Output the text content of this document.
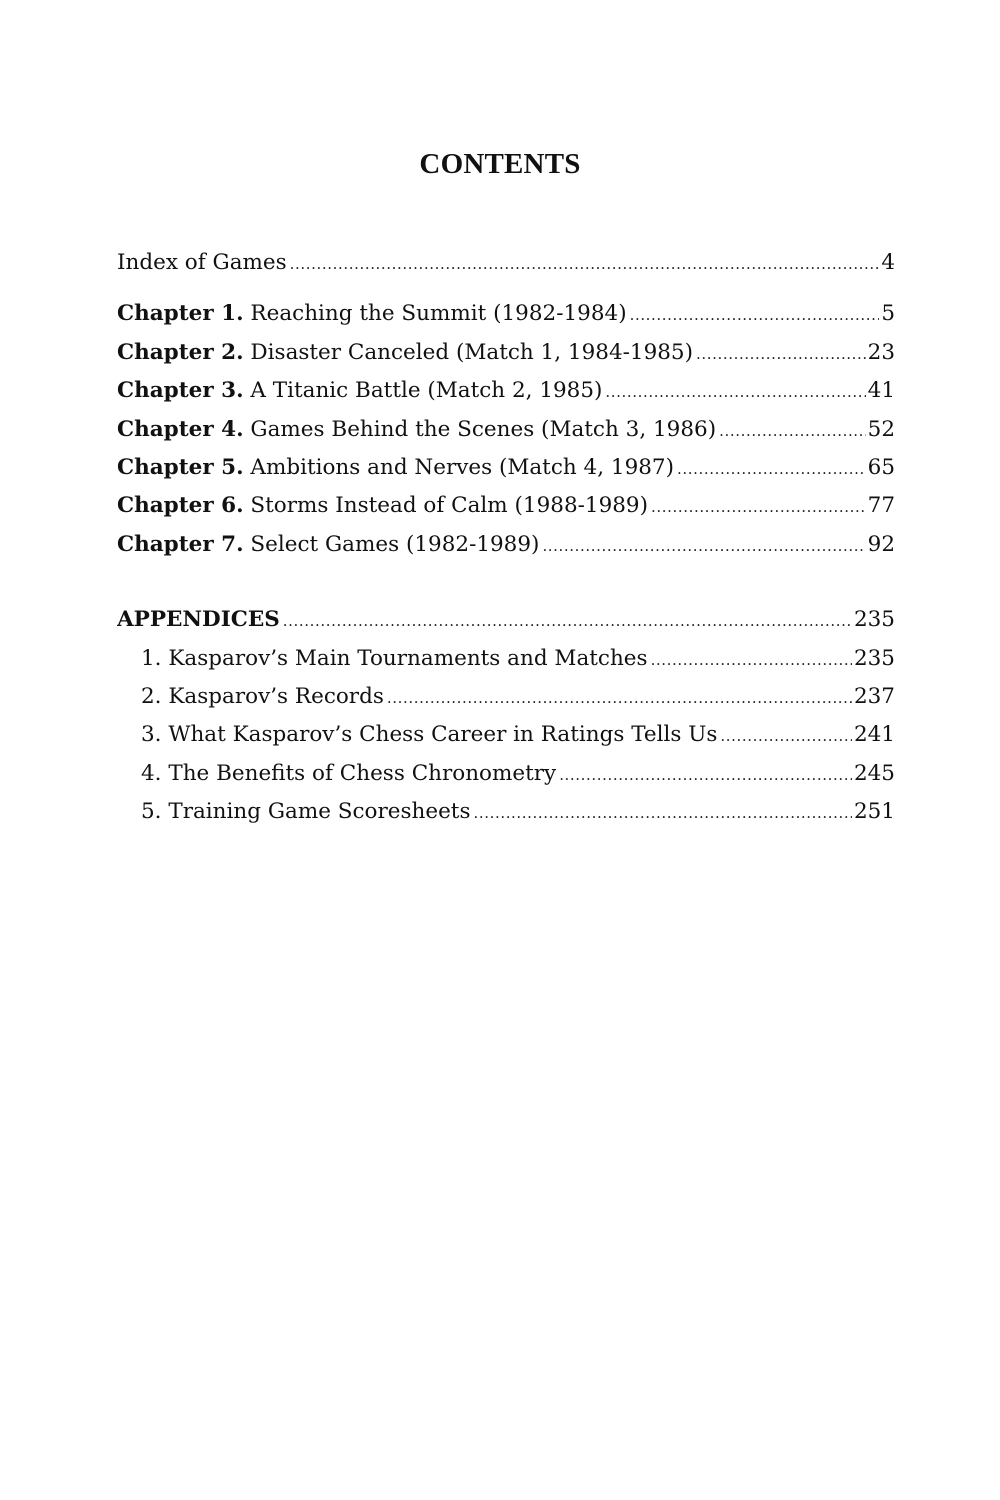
CONTENTS
Index of Games .....	4
Chapter 1. Reaching the Summit (1982-1984) .....	5
Chapter 2. Disaster Canceled (Match 1, 1984-1985) .....	23
Chapter 3. A Titanic Battle (Match 2, 1985) .....	41
Chapter 4. Games Behind the Scenes (Match 3, 1986) .....	52
Chapter 5. Ambitions and Nerves (Match 4, 1987) .....	65
Chapter 6. Storms Instead of Calm (1988-1989) .....	77
Chapter 7. Select Games (1982-1989) .....	92
APPENDICES .....	235
1. Kasparov’s Main Tournaments and Matches .....	235
2. Kasparov’s Records .....	237
3. What Kasparov’s Chess Career in Ratings Tells Us .....	241
4. The Benefits of Chess Chronometry .....	245
5. Training Game Scoresheets .....	251
